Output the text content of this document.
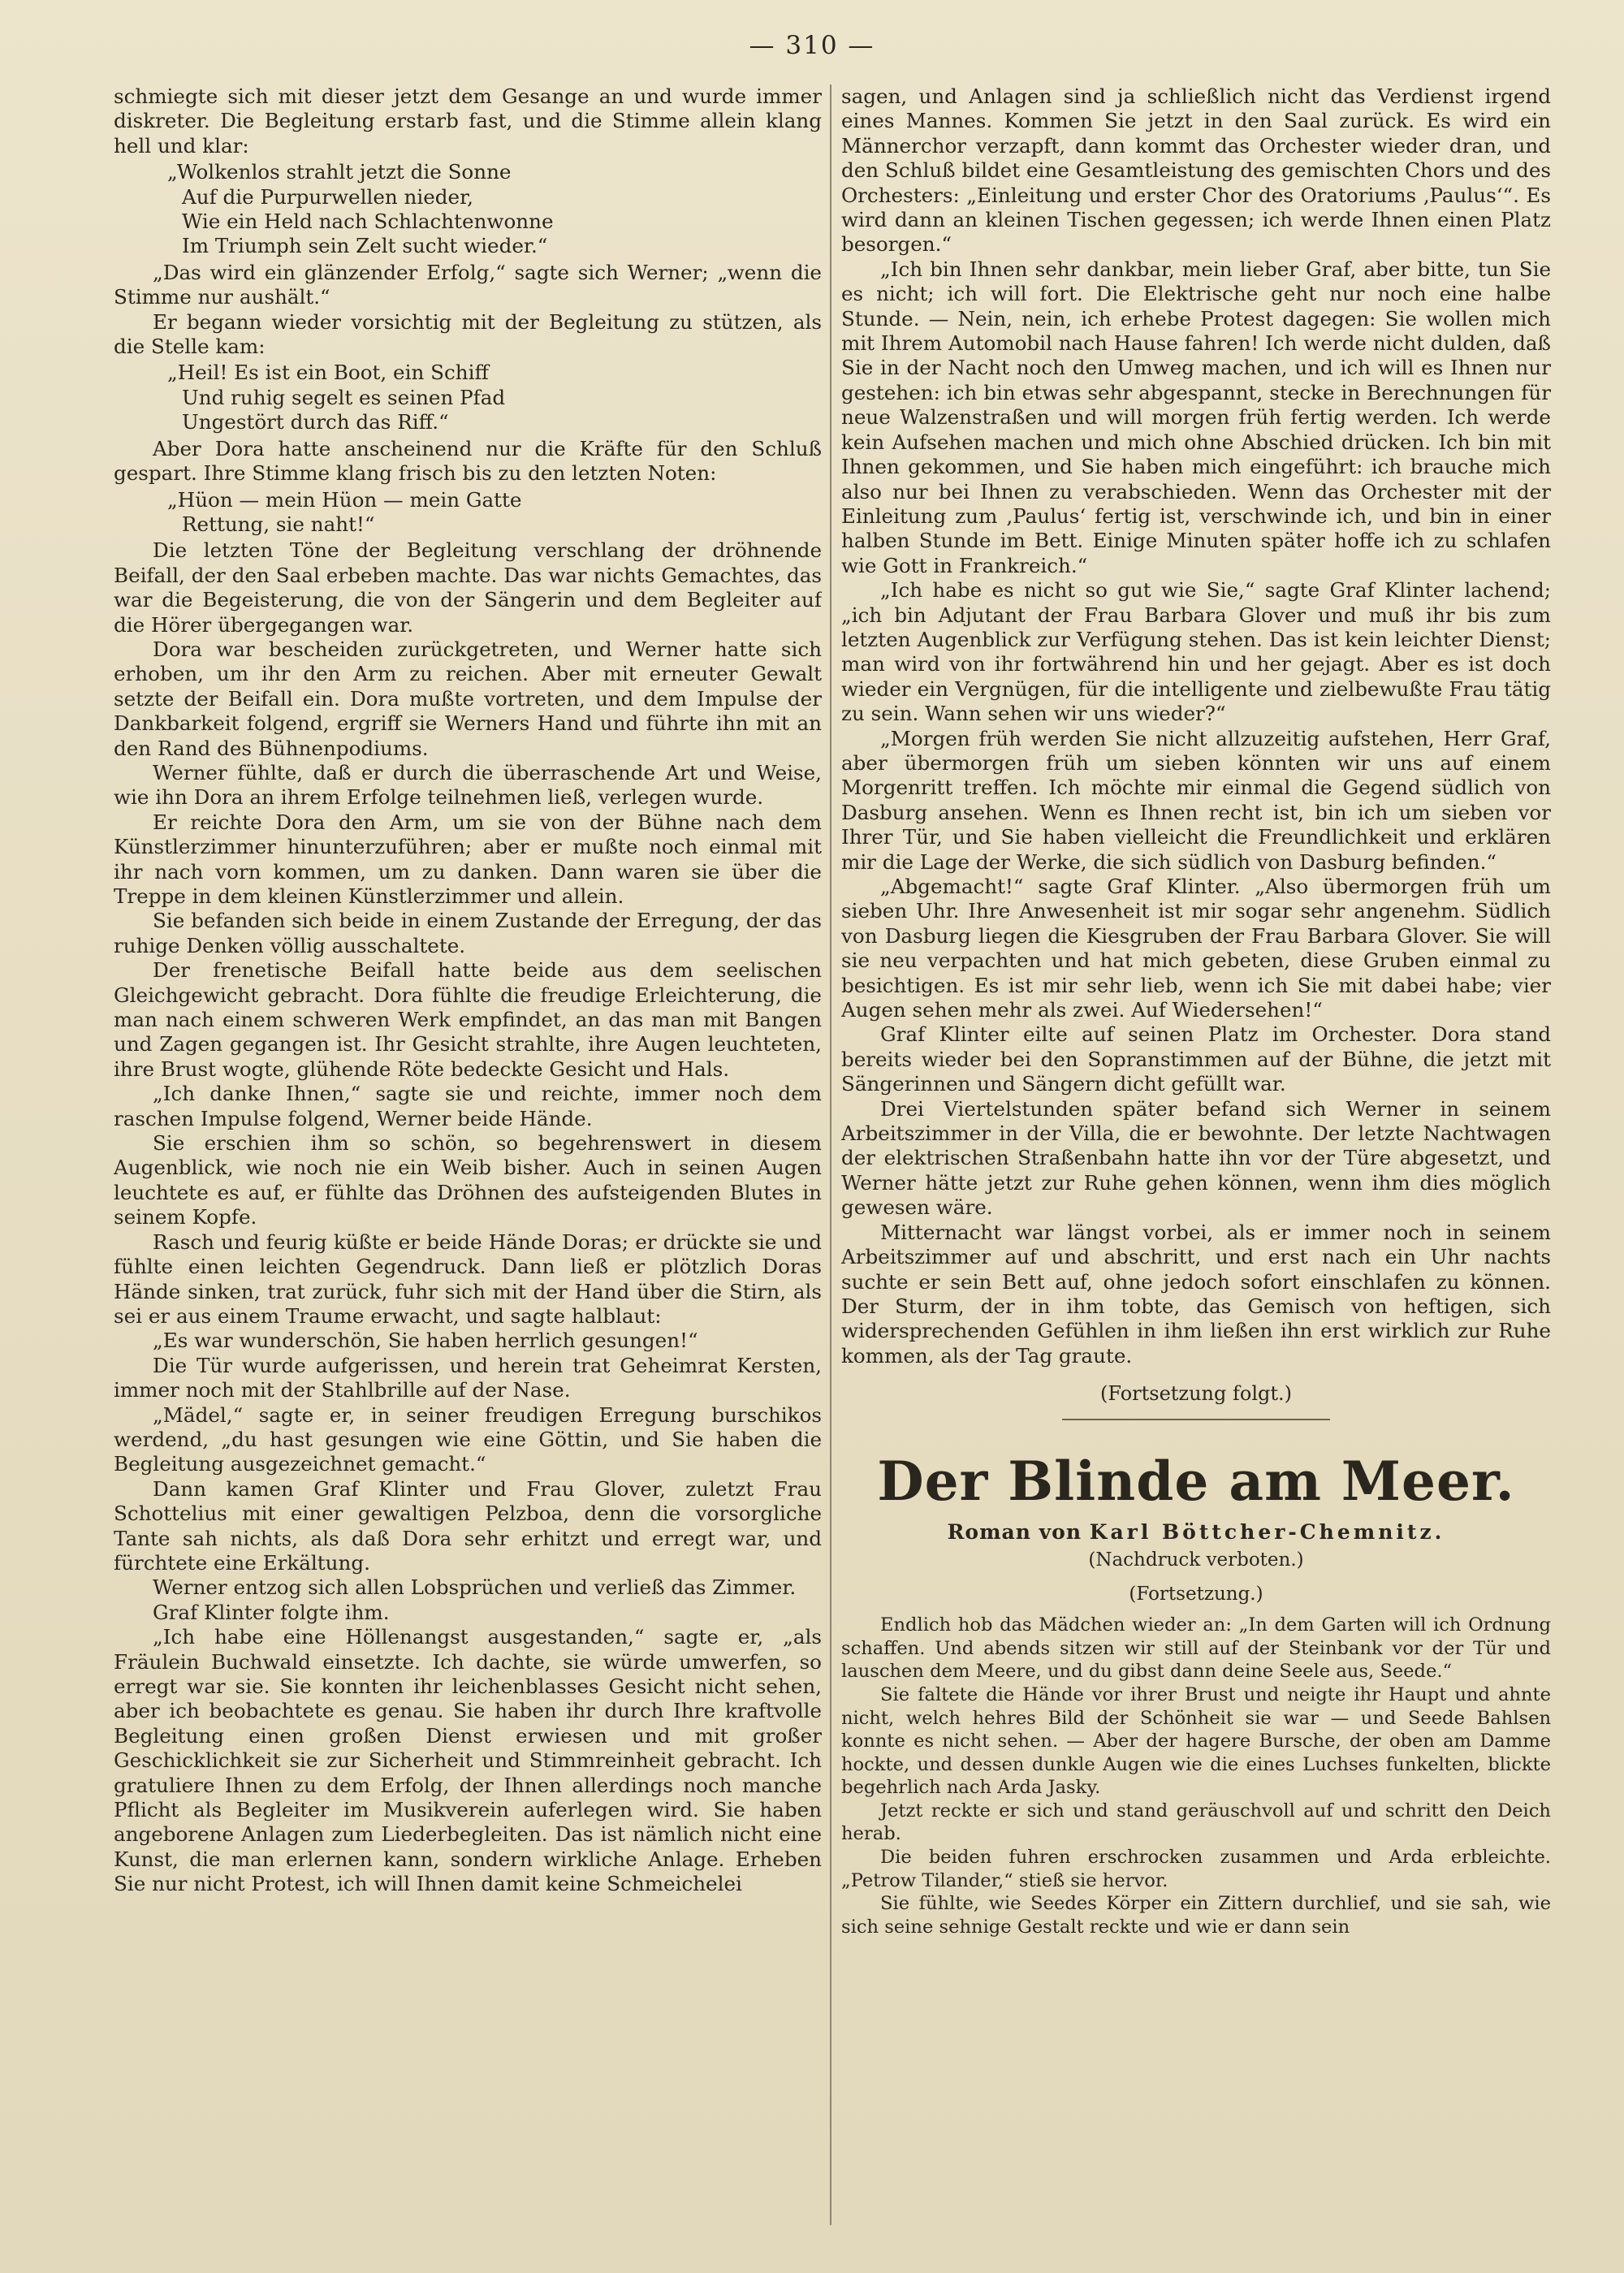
— 310 —

schmiegte sich mit dieser jetzt dem Gesange an und wurde immer diskreter. Die Begleitung erstarb fast, und die Stimme allein klang hell und klar:

„Wolkenlos strahlt jetzt die Sonne
Auf die Purpurwellen nieder,
Wie ein Held nach Schlachtenwonne
Im Triumph sein Zelt sucht wieder.“

„Das wird ein glänzender Erfolg,“ sagte sich Werner; „wenn die Stimme nur aushält.“

Er begann wieder vorsichtig mit der Begleitung zu stützen, als die Stelle kam:

„Heil! Es ist ein Boot, ein Schiff
Und ruhig segelt es seinen Pfad
Ungestört durch das Riff.“

Aber Dora hatte anscheinend nur die Kräfte für den Schluß gespart. Ihre Stimme klang frisch bis zu den letzten Noten:

„Hüon — mein Hüon — mein Gatte
Rettung, sie naht!“

Die letzten Töne der Begleitung verschlang der dröhnende Beifall, der den Saal erbeben machte. Das war nichts Gemachtes, das war die Begeisterung, die von der Sängerin und dem Begleiter auf die Hörer übergegangen war.

Dora war bescheiden zurückgetreten, und Werner hatte sich erhoben, um ihr den Arm zu reichen. Aber mit erneuter Gewalt setzte der Beifall ein. Dora mußte vortreten, und dem Impulse der Dankbarkeit folgend, ergriff sie Werners Hand und führte ihn mit an den Rand des Bühnenpodiums.

Werner fühlte, daß er durch die überraschende Art und Weise, wie ihn Dora an ihrem Erfolge teilnehmen ließ, verlegen wurde.

Er reichte Dora den Arm, um sie von der Bühne nach dem Künstlerzimmer hinunterzuführen; aber er mußte noch einmal mit ihr nach vorn kommen, um zu danken. Dann waren sie über die Treppe in dem kleinen Künstlerzimmer und allein.

Sie befanden sich beide in einem Zustande der Erregung, der das ruhige Denken völlig ausschaltete.

Der frenetische Beifall hatte beide aus dem seelischen Gleichgewicht gebracht. Dora fühlte die freudige Erleichterung, die man nach einem schweren Werk empfindet, an das man mit Bangen und Zagen gegangen ist. Ihr Gesicht strahlte, ihre Augen leuchteten, ihre Brust wogte, glühende Röte bedeckte Gesicht und Hals.

„Ich danke Ihnen,“ sagte sie und reichte, immer noch dem raschen Impulse folgend, Werner beide Hände.

Sie erschien ihm so schön, so begehrenswert in diesem Augenblick, wie noch nie ein Weib bisher. Auch in seinen Augen leuchtete es auf, er fühlte das Dröhnen des aufsteigenden Blutes in seinem Kopfe.

Rasch und feurig küßte er beide Hände Doras; er drückte sie und fühlte einen leichten Gegendruck. Dann ließ er plötzlich Doras Hände sinken, trat zurück, fuhr sich mit der Hand über die Stirn, als sei er aus einem Traume erwacht, und sagte halblaut:

„Es war wunderschön, Sie haben herrlich gesungen!“

Die Tür wurde aufgerissen, und herein trat Geheimrat Kersten, immer noch mit der Stahlbrille auf der Nase.

„Mädel,“ sagte er, in seiner freudigen Erregung burschikos werdend, „du hast gesungen wie eine Göttin, und Sie haben die Begleitung ausgezeichnet gemacht.“

Dann kamen Graf Klinter und Frau Glover, zuletzt Frau Schottelius mit einer gewaltigen Pelzboa, denn die vorsorgliche Tante sah nichts, als daß Dora sehr erhitzt und erregt war, und fürchtete eine Erkältung.

Werner entzog sich allen Lobsprüchen und verließ das Zimmer.

Graf Klinter folgte ihm.

„Ich habe eine Höllenangst ausgestanden,“ sagte er, „als Fräulein Buchwald einsetzte. Ich dachte, sie würde umwerfen, so erregt war sie. Sie konnten ihr leichenblasses Gesicht nicht sehen, aber ich beobachtete es genau. Sie haben ihr durch Ihre kraftvolle Begleitung einen großen Dienst erwiesen und mit großer Geschicklichkeit sie zur Sicherheit und Stimmreinheit gebracht. Ich gratuliere Ihnen zu dem Erfolg, der Ihnen allerdings noch manche Pflicht als Begleiter im Musikverein auferlegen wird. Sie haben angeborene Anlagen zum Liederbegleiten. Das ist nämlich nicht eine Kunst, die man erlernen kann, sondern wirkliche Anlage. Erheben Sie nur nicht Protest, ich will Ihnen damit keine Schmeichelei

sagen, und Anlagen sind ja schließlich nicht das Verdienst irgend eines Mannes. Kommen Sie jetzt in den Saal zurück. Es wird ein Männerchor verzapft, dann kommt das Orchester wieder dran, und den Schluß bildet eine Gesamtleistung des gemischten Chors und des Orchesters: „Einleitung und erster Chor des Oratoriums ‚Paulus‘“. Es wird dann an kleinen Tischen gegessen; ich werde Ihnen einen Platz besorgen.“

„Ich bin Ihnen sehr dankbar, mein lieber Graf, aber bitte, tun Sie es nicht; ich will fort. Die Elektrische geht nur noch eine halbe Stunde. — Nein, nein, ich erhebe Protest dagegen: Sie wollen mich mit Ihrem Automobil nach Hause fahren! Ich werde nicht dulden, daß Sie in der Nacht noch den Umweg machen, und ich will es Ihnen nur gestehen: ich bin etwas sehr abgespannt, stecke in Berechnungen für neue Walzenstraßen und will morgen früh fertig werden. Ich werde kein Aufsehen machen und mich ohne Abschied drücken. Ich bin mit Ihnen gekommen, und Sie haben mich eingeführt: ich brauche mich also nur bei Ihnen zu verabschieden. Wenn das Orchester mit der Einleitung zum ‚Paulus‘ fertig ist, verschwinde ich, und bin in einer halben Stunde im Bett. Einige Minuten später hoffe ich zu schlafen wie Gott in Frankreich.“

„Ich habe es nicht so gut wie Sie,“ sagte Graf Klinter lachend; „ich bin Adjutant der Frau Barbara Glover und muß ihr bis zum letzten Augenblick zur Verfügung stehen. Das ist kein leichter Dienst; man wird von ihr fortwährend hin und her gejagt. Aber es ist doch wieder ein Vergnügen, für die intelligente und zielbewußte Frau tätig zu sein. Wann sehen wir uns wieder?“

„Morgen früh werden Sie nicht allzuzeitig aufstehen, Herr Graf, aber übermorgen früh um sieben könnten wir uns auf einem Morgenritt treffen. Ich möchte mir einmal die Gegend südlich von Dasburg ansehen. Wenn es Ihnen recht ist, bin ich um sieben vor Ihrer Tür, und Sie haben vielleicht die Freundlichkeit und erklären mir die Lage der Werke, die sich südlich von Dasburg befinden.“

„Abgemacht!“ sagte Graf Klinter. „Also übermorgen früh um sieben Uhr. Ihre Anwesenheit ist mir sogar sehr angenehm. Südlich von Dasburg liegen die Kiesgruben der Frau Barbara Glover. Sie will sie neu verpachten und hat mich gebeten, diese Gruben einmal zu besichtigen. Es ist mir sehr lieb, wenn ich Sie mit dabei habe; vier Augen sehen mehr als zwei. Auf Wiedersehen!“

Graf Klinter eilte auf seinen Platz im Orchester. Dora stand bereits wieder bei den Sopranstimmen auf der Bühne, die jetzt mit Sängerinnen und Sängern dicht gefüllt war.

Drei Viertelstunden später befand sich Werner in seinem Arbeitszimmer in der Villa, die er bewohnte. Der letzte Nachtwagen der elektrischen Straßenbahn hatte ihn vor der Türe abgesetzt, und Werner hätte jetzt zur Ruhe gehen können, wenn ihm dies möglich gewesen wäre.

Mitternacht war längst vorbei, als er immer noch in seinem Arbeitszimmer auf und abschritt, und erst nach ein Uhr nachts suchte er sein Bett auf, ohne jedoch sofort einschlafen zu können. Der Sturm, der in ihm tobte, das Gemisch von heftigen, sich widersprechenden Gefühlen in ihm ließen ihn erst wirklich zur Ruhe kommen, als der Tag graute.

(Fortsetzung folgt.)
Der Blinde am Meer.
Roman von Karl Böttcher-Chemnitz.
(Nachdruck verboten.)
(Fortsetzung.)

Endlich hob das Mädchen wieder an: „In dem Garten will ich Ordnung schaffen. Und abends sitzen wir still auf der Steinbank vor der Tür und lauschen dem Meere, und du gibst dann deine Seele aus, Seede.“

Sie faltete die Hände vor ihrer Brust und neigte ihr Haupt und ahnte nicht, welch hehres Bild der Schönheit sie war — und Seede Bahlsen konnte es nicht sehen. — Aber der hagere Bursche, der oben am Damme hockte, und dessen dunkle Augen wie die eines Luchses funkelten, blickte begehrlich nach Arda Jasky.

Jetzt reckte er sich und stand geräuschvoll auf und schritt den Deich herab.

Die beiden fuhren erschrocken zusammen und Arda erbleichte. „Petrow Tilander,“ stieß sie hervor.

Sie fühlte, wie Seedes Körper ein Zittern durchlief, und sie sah, wie sich seine sehnige Gestalt reckte und wie er dann sein
